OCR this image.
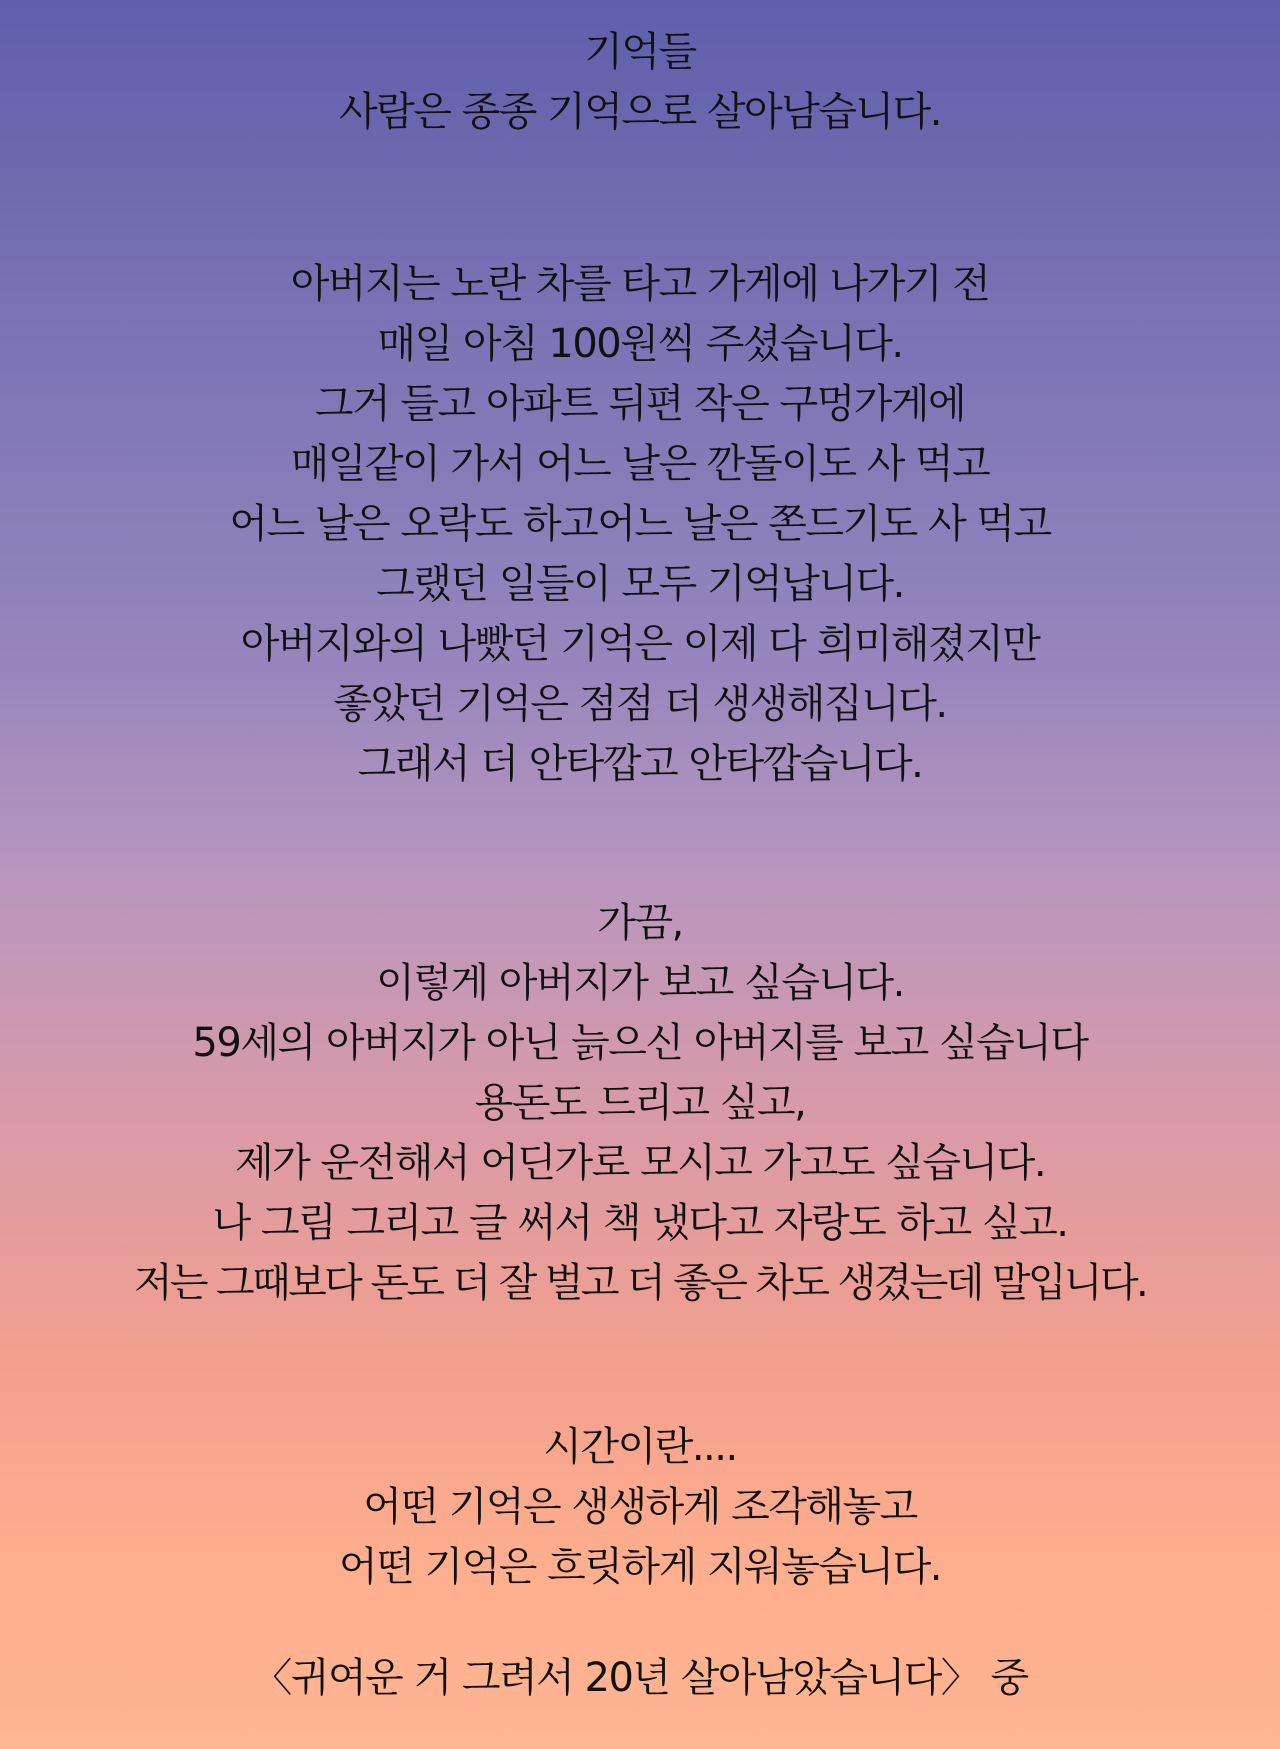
기억들
사람은 종종 기억으로 살아남습니다.
아버지는 노란 차를 타고 가게에 나가기 전
매일 아침 100원씩 주셨습니다.
그거 들고 아파트 뒤편 작은 구멍가게에
매일같이 가서 어느 날은 깐돌이도 사 먹고
어느 날은 오락도 하고어느 날은 쫀드기도 사 먹고
그랬던 일들이 모두 기억납니다.
아버지와의 나빴던 기억은 이제 다 희미해졌지만
좋았던 기억은 점점 더 생생해집니다.
그래서 더 안타깝고 안타깝습니다.
가끔,
이렇게 아버지가 보고 싶습니다.
59세의 아버지가 아닌 늙으신 아버지를 보고 싶습니다
용돈도 드리고 싶고,
제가 운전해서 어딘가로 모시고 가고도 싶습니다.
나 그림 그리고 글 써서 책 냈다고 자랑도 하고 싶고.
저는 그때보다 돈도 더 잘 벌고 더 좋은 차도 생겼는데 말입니다.
시간이란....
어떤 기억은 생생하게 조각해놓고
어떤 기억은 흐릿하게 지워놓습니다.
〈귀여운 거 그려서 20년 살아남았습니다〉 중
